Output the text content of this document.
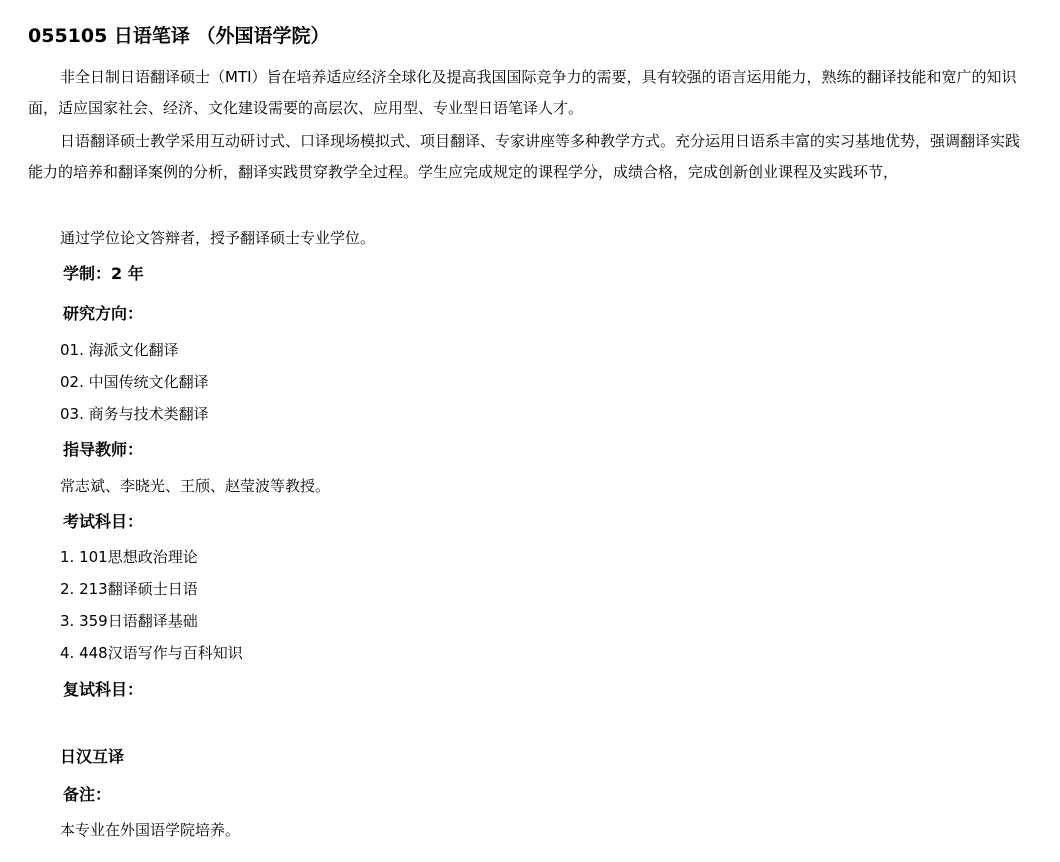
055105 日语笔译 （外国语学院）

非全日制日语翻译硕士（MTI）旨在培养适应经济全球化及提高我国国际竞争力的需要，具有较强的语言运用能力，熟练的翻译技能和宽广的知识面，适应国家社会、经济、文化建设需要的高层次、应用型、专业型日语笔译人才。

日语翻译硕士教学采用互动研讨式、口译现场模拟式、项目翻译、专家讲座等多种教学方式。充分运用日语系丰富的实习基地优势，强调翻译实践能力的培养和翻译案例的分析，翻译实践贯穿教学全过程。学生应完成规定的课程学分，成绩合格，完成创新创业课程及实践环节，

通过学位论文答辩者，授予翻译硕士专业学位。

学制：2 年

研究方向：

01. 海派文化翻译

02. 中国传统文化翻译

03. 商务与技术类翻译

指导教师：

常志斌、李晓光、王颀、赵莹波等教授。

考试科目：

1. 101思想政治理论

2. 213翻译硕士日语

3. 359日语翻译基础

4. 448汉语写作与百科知识

复试科目：

日汉互译

备注：

本专业在外国语学院培养。
